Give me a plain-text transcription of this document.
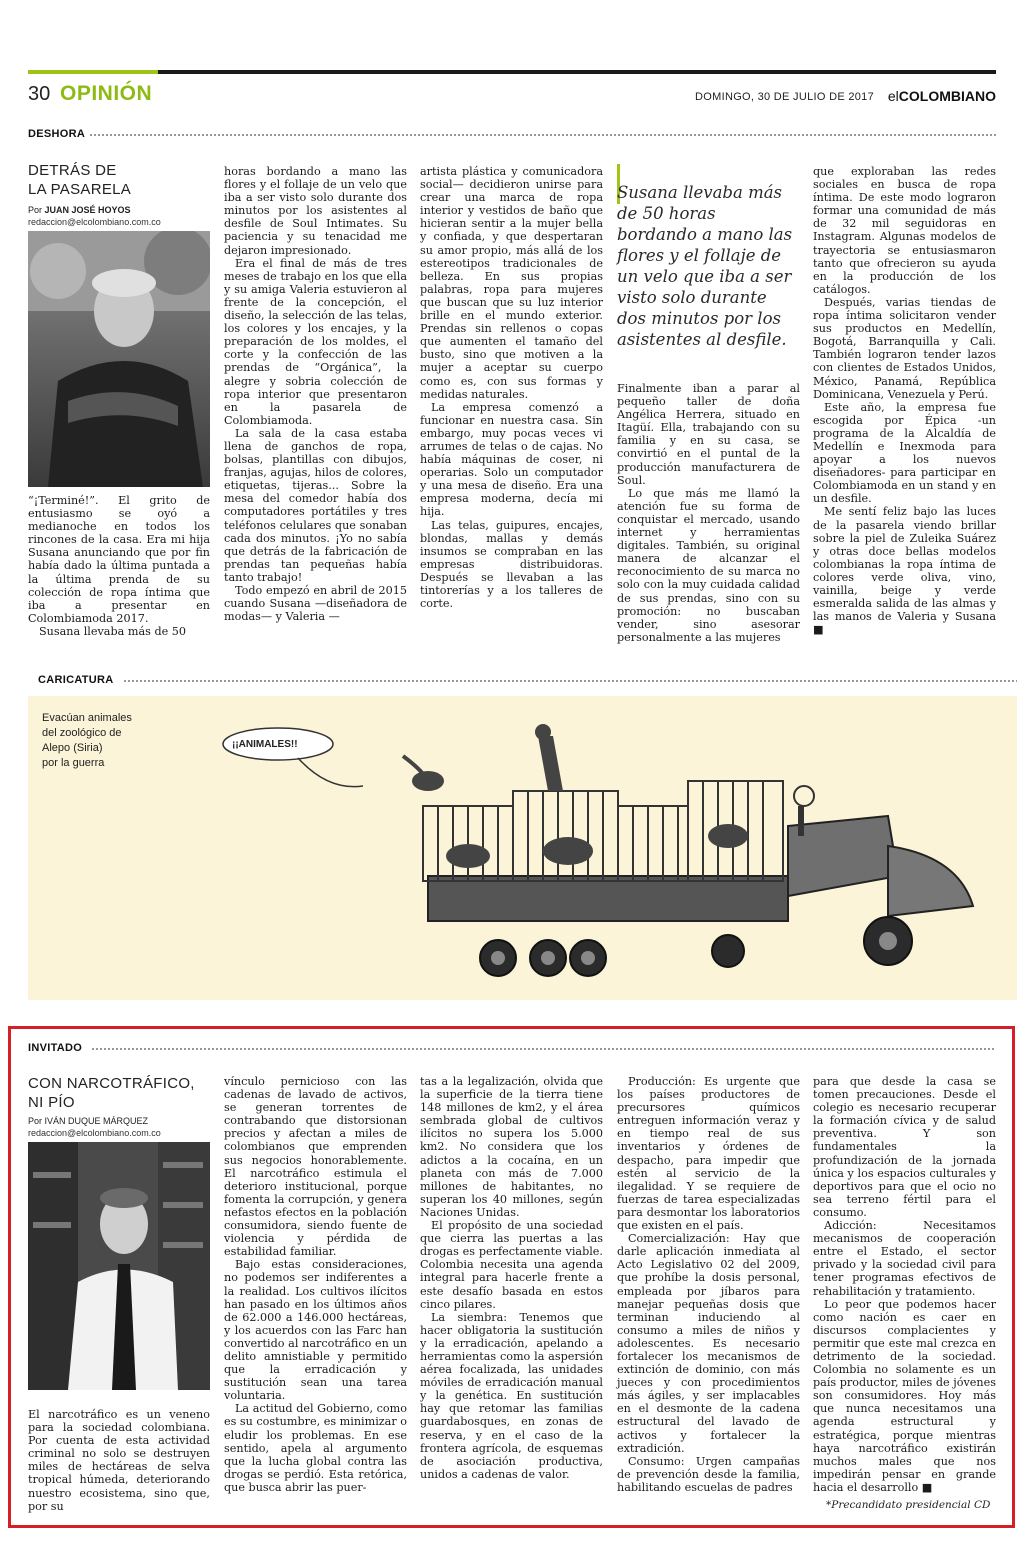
30 OPINIÓN	DOMINGO, 30 DE JULIO DE 2017 elCOLOMBIANO
DESHORA
DETRÁS DE
LA PASARELA
Por JUAN JOSÉ HOYOS
redaccion@elcolombiano.com.co

“¡Terminé!”. El grito de entusiasmo se oyó a medianoche en todos los rincones de la casa. Era mi hija Susana anunciando que por fin había dado la última puntada a la última prenda de su colección de ropa íntima que iba a presentar en Colombiamoda 2017.

Susana llevaba más de 50

horas bordando a mano las flores y el follaje de un velo que iba a ser visto solo durante dos minutos por los asistentes al desfile de Soul Intimates. Su paciencia y su tenacidad me dejaron impresionado.

Era el final de más de tres meses de trabajo en los que ella y su amiga Valeria estuvieron al frente de la concepción, el diseño, la selección de las telas, los colores y los encajes, y la preparación de los moldes, el corte y la confección de las prendas de “Orgánica”, la alegre y sobria colección de ropa interior que presentaron en la pasarela de Colombiamoda.

La sala de la casa estaba llena de ganchos de ropa, bolsas, plantillas con dibujos, franjas, agujas, hilos de colores, etiquetas, tijeras... Sobre la mesa del comedor había dos computadores portátiles y tres teléfonos celulares que sonaban cada dos minutos. ¡Yo no sabía que detrás de la fabricación de prendas tan pequeñas había tanto trabajo!

Todo empezó en abril de 2015 cuando Susana —diseñadora de modas— y Valeria —

artista plástica y comunicadora social— decidieron unirse para crear una marca de ropa interior y vestidos de baño que hicieran sentir a la mujer bella y confiada, y que despertaran su amor propio, más allá de los estereotipos tradicionales de belleza. En sus propias palabras, ropa para mujeres que buscan que su luz interior brille en el mundo exterior. Prendas sin rellenos o copas que aumenten el tamaño del busto, sino que motiven a la mujer a aceptar su cuerpo como es, con sus formas y medidas naturales.

La empresa comenzó a funcionar en nuestra casa. Sin embargo, muy pocas veces vi arrumes de telas o de cajas. No había máquinas de coser, ni operarias. Solo un computador y una mesa de diseño. Era una empresa moderna, decía mi hija.

Las telas, guipures, encajes, blondas, mallas y demás insumos se compraban en las empresas distribuidoras. Después se llevaban a las tintorerías y a los talleres de corte.

Susana llevaba más de 50 horas bordando a mano las flores y el follaje de un velo que iba a ser visto solo durante dos minutos por los asistentes al desfile.

Finalmente iban a parar al pequeño taller de doña Angélica Herrera, situado en Itagüí. Ella, trabajando con su familia y en su casa, se convirtió en el puntal de la producción manufacturera de Soul.

Lo que más me llamó la atención fue su forma de conquistar el mercado, usando internet y herramientas digitales. También, su original manera de alcanzar el reconocimiento de su marca no solo con la muy cuidada calidad de sus prendas, sino con su promoción: no buscaban vender, sino asesorar personalmente a las mujeres

que exploraban las redes sociales en busca de ropa íntima. De este modo lograron formar una comunidad de más de 32 mil seguidoras en Instagram. Algunas modelos de trayectoria se entusiasmaron tanto que ofrecieron su ayuda en la producción de los catálogos.

Después, varias tiendas de ropa íntima solicitaron vender sus productos en Medellín, Bogotá, Barranquilla y Cali. También lograron tender lazos con clientes de Estados Unidos, México, Panamá, República Dominicana, Venezuela y Perú.

Este año, la empresa fue escogida por Épica -un programa de la Alcaldía de Medellín e Inexmoda para apoyar a los nuevos diseñadores- para participar en Colombiamoda en un stand y en un desfile.

Me sentí feliz bajo las luces de la pasarela viendo brillar sobre la piel de Zuleika Suárez y otras doce bellas modelos colombianas la ropa íntima de colores verde oliva, vino, vainilla, beige y verde esmeralda salida de las almas y las manos de Valeria y Susana ■

CARICATURA
Evacúan animales
del zoológico de
Alepo (Siria)
por la guerra
¡¡ANIMALES!!
INVITADO
CON NARCOTRÁFICO,
NI PÍO
Por IVÁN DUQUE MÁRQUEZ
redaccion@elcolombiano.com.co

El narcotráfico es un veneno para la sociedad colombiana. Por cuenta de esta actividad criminal no solo se destruyen miles de hectáreas de selva tropical húmeda, deteriorando nuestro ecosistema, sino que, por su

vínculo pernicioso con las cadenas de lavado de activos, se generan torrentes de contrabando que distorsionan precios y afectan a miles de colombianos que emprenden sus negocios honorablemente. El narcotráfico estimula el deterioro institucional, porque fomenta la corrupción, y genera nefastos efectos en la población consumidora, siendo fuente de violencia y pérdida de estabilidad familiar.

Bajo estas consideraciones, no podemos ser indiferentes a la realidad. Los cultivos ilícitos han pasado en los últimos años de 62.000 a 146.000 hectáreas, y los acuerdos con las Farc han convertido al narcotráfico en un delito amnistiable y permitido que la erradicación y sustitución sean una tarea voluntaria.

La actitud del Gobierno, como es su costumbre, es minimizar o eludir los problemas. En ese sentido, apela al argumento que la lucha global contra las drogas se perdió. Esta retórica, que busca abrir las puer-

tas a la legalización, olvida que la superficie de la tierra tiene 148 millones de km2, y el área sembrada global de cultivos ilícitos no supera los 5.000 km2. No considera que los adictos a la cocaína, en un planeta con más de 7.000 millones de habitantes, no superan los 40 millones, según Naciones Unidas.

El propósito de una sociedad que cierra las puertas a las drogas es perfectamente viable. Colombia necesita una agenda integral para hacerle frente a este desafío basada en estos cinco pilares.

La siembra: Tenemos que hacer obligatoria la sustitución y la erradicación, apelando a herramientas como la aspersión aérea focalizada, las unidades móviles de erradicación manual y la genética. En sustitución hay que retomar las familias guardabosques, en zonas de reserva, y en el caso de la frontera agrícola, de esquemas de asociación productiva, unidos a cadenas de valor.

Producción: Es urgente que los países productores de precursores químicos entreguen información veraz y en tiempo real de sus inventarios y órdenes de despacho, para impedir que estén al servicio de la ilegalidad. Y se requiere de fuerzas de tarea especializadas para desmontar los laboratorios que existen en el país.

Comercialización: Hay que darle aplicación inmediata al Acto Legislativo 02 del 2009, que prohíbe la dosis personal, empleada por jíbaros para manejar pequeñas dosis que terminan induciendo al consumo a miles de niños y adolescentes. Es necesario fortalecer los mecanismos de extinción de dominio, con más jueces y con procedimientos más ágiles, y ser implacables en el desmonte de la cadena estructural del lavado de activos y fortalecer la extradición.

Consumo: Urgen campañas de prevención desde la familia, habilitando escuelas de padres

para que desde la casa se tomen precauciones. Desde el colegio es necesario recuperar la formación cívica y de salud preventiva. Y son fundamentales la profundización de la jornada única y los espacios culturales y deportivos para que el ocio no sea terreno fértil para el consumo.

Adicción: Necesitamos mecanismos de cooperación entre el Estado, el sector privado y la sociedad civil para tener programas efectivos de rehabilitación y tratamiento.

Lo peor que podemos hacer como nación es caer en discursos complacientes y permitir que este mal crezca en detrimento de la sociedad. Colombia no solamente es un país productor, miles de jóvenes son consumidores. Hoy más que nunca necesitamos una agenda estructural y estratégica, porque mientras haya narcotráfico existirán muchos males que nos impedirán pensar en grande hacia el desarrollo ■

*Precandidato presidencial CD
